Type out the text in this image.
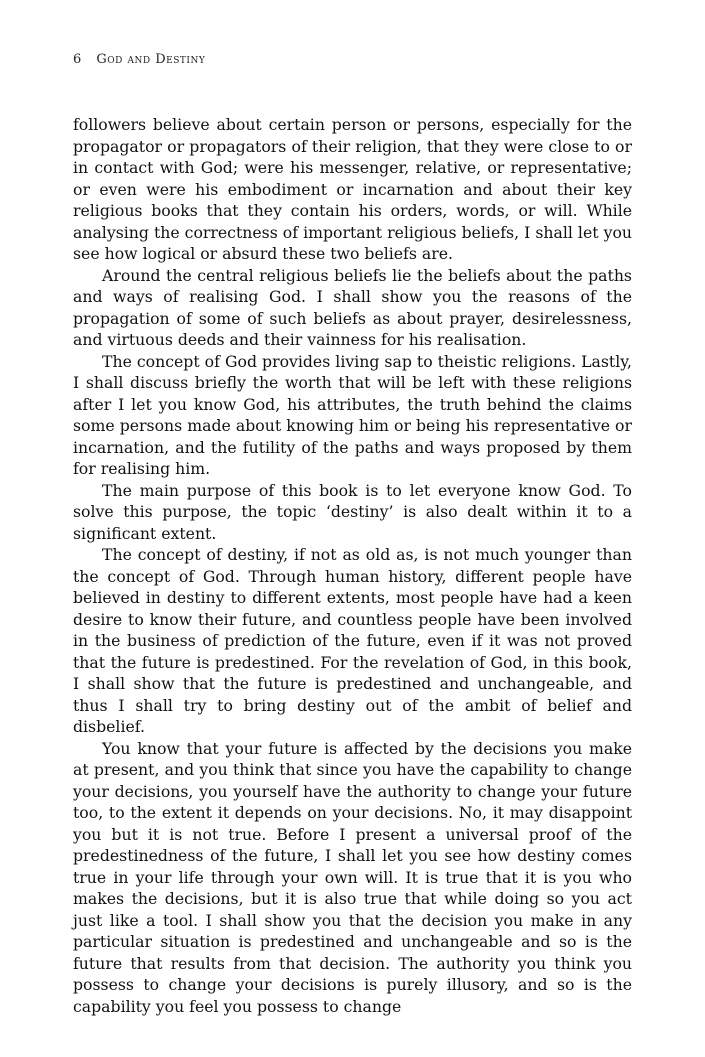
6 God and Destiny

followers believe about certain person or persons, especially for the propagator or propagators of their religion, that they were close to or in contact with God; were his messenger, relative, or representative; or even were his embodiment or incarnation and about their key religious books that they contain his orders, words, or will. While analysing the correctness of important religious beliefs, I shall let you see how logical or absurd these two beliefs are.

Around the central religious beliefs lie the beliefs about the paths and ways of realising God. I shall show you the reasons of the propagation of some of such beliefs as about prayer, desirelessness, and virtuous deeds and their vainness for his realisation.

The concept of God provides living sap to theistic religions. Lastly, I shall discuss briefly the worth that will be left with these religions after I let you know God, his attributes, the truth behind the claims some persons made about knowing him or being his representative or incarnation, and the futility of the paths and ways proposed by them for realising him.

The main purpose of this book is to let everyone know God. To solve this purpose, the topic ‘destiny’ is also dealt within it to a significant extent.

The concept of destiny, if not as old as, is not much younger than the concept of God. Through human history, different people have believed in destiny to different extents, most people have had a keen desire to know their future, and countless people have been involved in the business of prediction of the future, even if it was not proved that the future is predestined. For the revelation of God, in this book, I shall show that the future is predestined and unchangeable, and thus I shall try to bring destiny out of the ambit of belief and disbelief.

You know that your future is affected by the decisions you make at present, and you think that since you have the capability to change your decisions, you yourself have the authority to change your future too, to the extent it depends on your decisions. No, it may disappoint you but it is not true. Before I present a universal proof of the predestinedness of the future, I shall let you see how destiny comes true in your life through your own will. It is true that it is you who makes the decisions, but it is also true that while doing so you act just like a tool. I shall show you that the decision you make in any particular situation is predestined and unchangeable and so is the future that results from that decision. The authority you think you possess to change your decisions is purely illusory, and so is the capability you feel you possess to change
